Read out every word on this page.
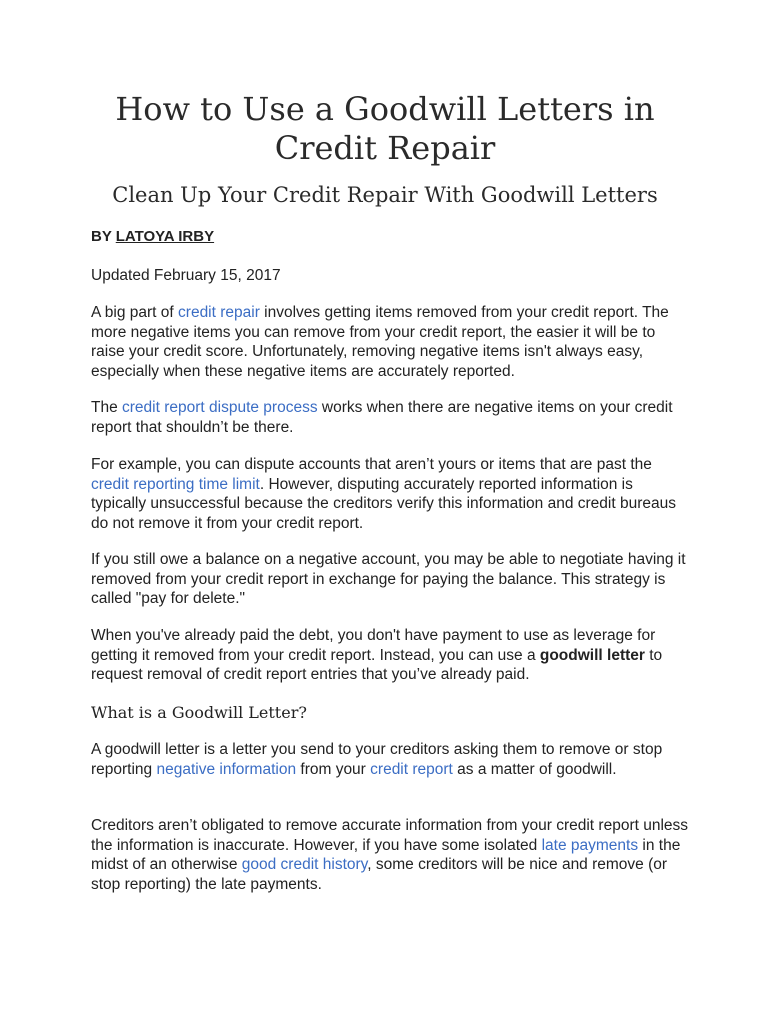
How to Use a Goodwill Letters in Credit Repair
Clean Up Your Credit Repair With Goodwill Letters
BY LATOYA IRBY
Updated February 15, 2017

A big part of credit repair involves getting items removed from your credit report. The more negative items you can remove from your credit report, the easier it will be to raise your credit score. Unfortunately, removing negative items isn't always easy, especially when these negative items are accurately reported.

The credit report dispute process works when there are negative items on your credit report that shouldn’t be there.

For example, you can dispute accounts that aren’t yours or items that are past the credit reporting time limit. However, disputing accurately reported information is typically unsuccessful because the creditors verify this information and credit bureaus do not remove it from your credit report.

If you still owe a balance on a negative account, you may be able to negotiate having it removed from your credit report in exchange for paying the balance. This strategy is called "pay for delete."

When you've already paid the debt, you don't have payment to use as leverage for getting it removed from your credit report. Instead, you can use a goodwill letter to request removal of credit report entries that you’ve already paid.

What is a Goodwill Letter?

A goodwill letter is a letter you send to your creditors asking them to remove or stop reporting negative information from your credit report as a matter of goodwill.

Creditors aren’t obligated to remove accurate information from your credit report unless the information is inaccurate. However, if you have some isolated late payments in the midst of an otherwise good credit history, some creditors will be nice and remove (or stop reporting) the late payments.
